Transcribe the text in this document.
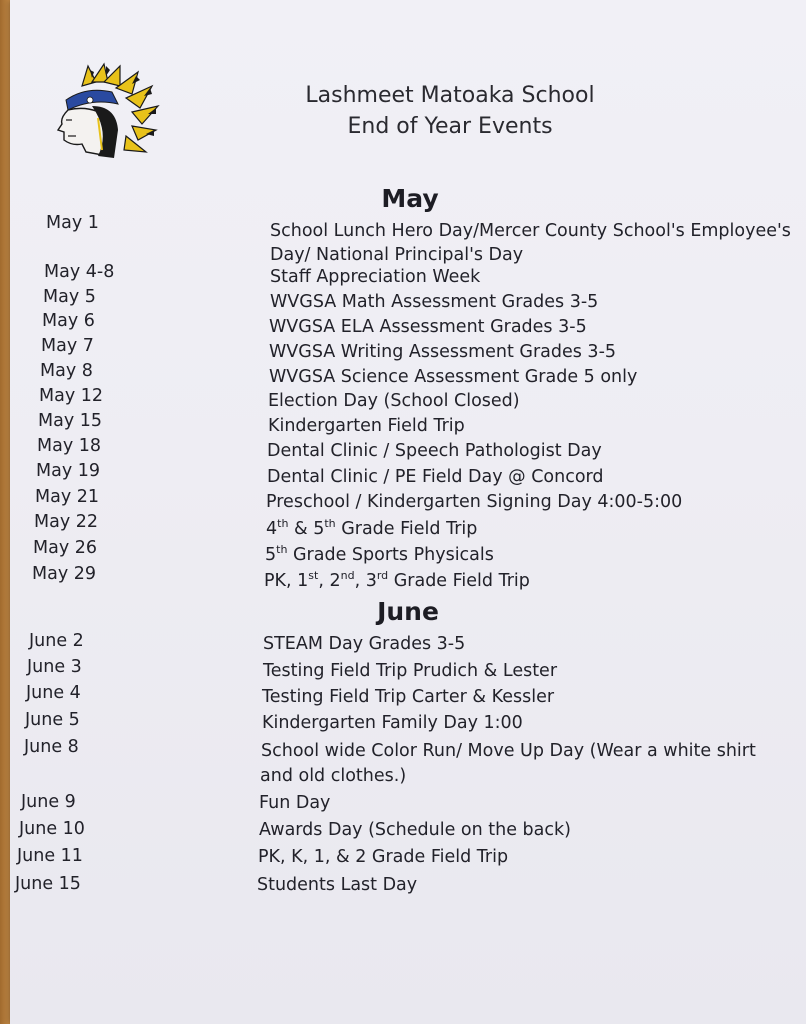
Lashmeet Matoaka School
End of Year Events
May
May 1	School Lunch Hero Day/Mercer County School's Employee's
Day/ National Principal's Day
May 4-8	Staff Appreciation Week
May 5	WVGSA Math Assessment Grades 3-5
May 6	WVGSA ELA Assessment Grades 3-5
May 7	WVGSA Writing Assessment Grades 3-5
May 8	WVGSA Science Assessment Grade 5 only
May 12	Election Day (School Closed)
May 15	Kindergarten Field Trip
May 18	Dental Clinic / Speech Pathologist Day
May 19	Dental Clinic / PE Field Day @ Concord
May 21	Preschool / Kindergarten Signing Day 4:00-5:00
May 22	4th & 5th Grade Field Trip
May 26	5th Grade Sports Physicals
May 29	PK, 1st, 2nd, 3rd Grade Field Trip
June
June 2	STEAM Day Grades 3-5
June 3	Testing Field Trip Prudich & Lester
June 4	Testing Field Trip Carter & Kessler
June 5	Kindergarten Family Day 1:00
June 8	School wide Color Run/ Move Up Day (Wear a white shirt
and old clothes.)
June 9	Fun Day
June 10	Awards Day (Schedule on the back)
June 11	PK, K, 1, & 2 Grade Field Trip
June 15	Students Last Day
